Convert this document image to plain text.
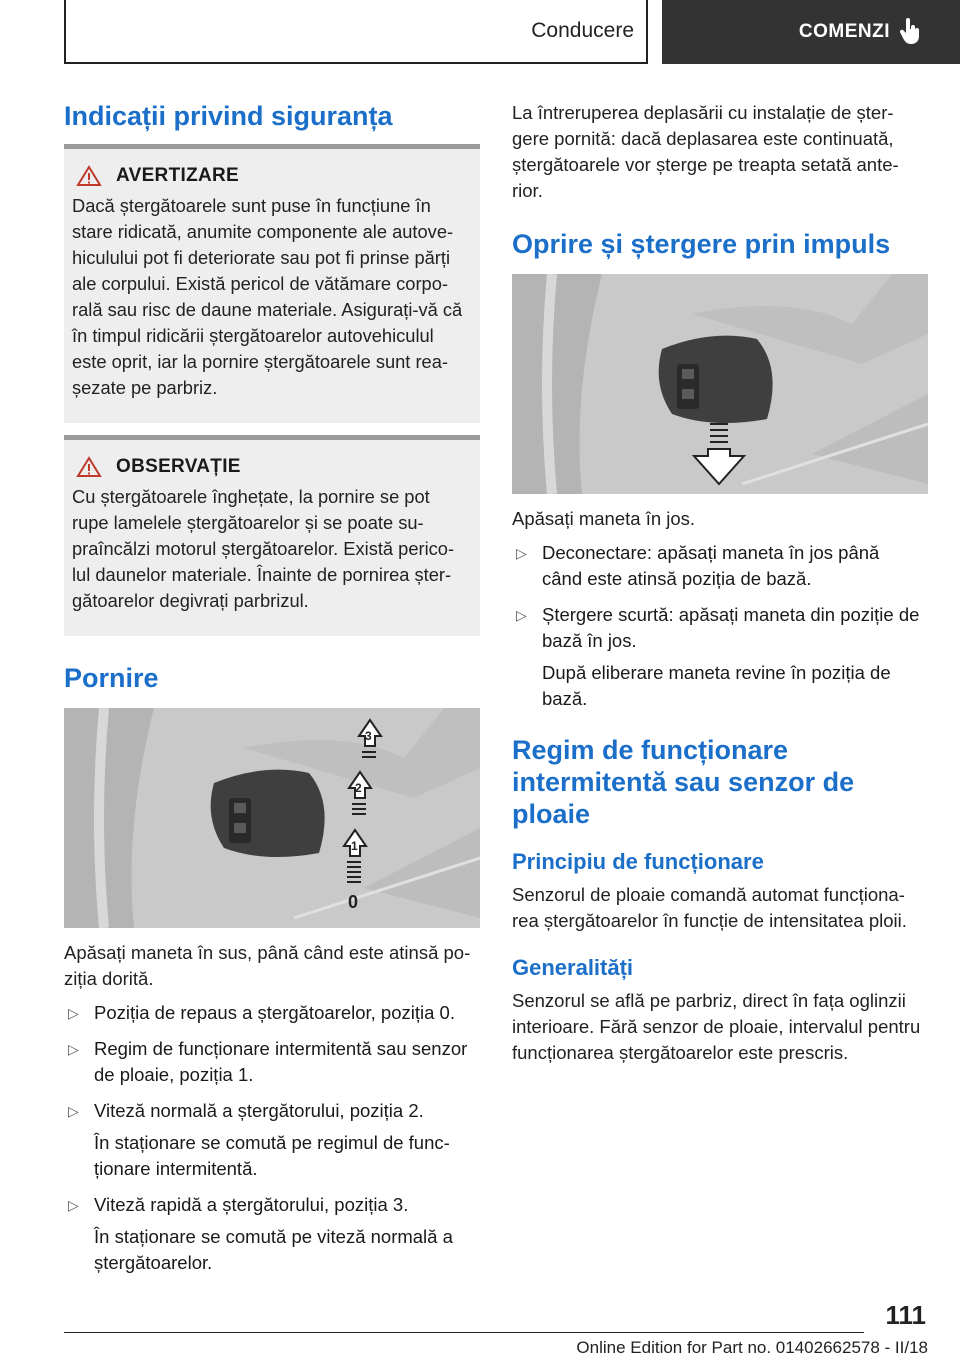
Conducere	COMENZI
Indicații privind siguranța
AVERTIZARE

Dacă ștergătoarele sunt puse în funcțiune în
stare ridicată, anumite componente ale autove-
hiculului pot fi deteriorate sau pot fi prinse părți
ale corpului. Există pericol de vătămare corpo-
rală sau risc de daune materiale. Asigurați-vă că
în timpul ridicării ștergătoarelor autovehiculul
este oprit, iar la pornire ștergătoarele sunt rea-
șezate pe parbriz.

OBSERVAȚIE

Cu ștergătoarele înghețate, la pornire se pot
rupe lamelele ștergătoarelor și se poate su-
praîncălzi motorul ștergătoarelor. Există perico-
lul daunelor materiale. Înainte de pornirea șter-
gătoarelor degivrați parbrizul.

Pornire
3
2
1
0

Apăsați maneta în sus, până când este atinsă po-
ziția dorită.

▷ Poziția de repaus a ștergătoarelor, poziția 0.
▷ Regim de funcționare intermitentă sau senzor
de ploaie, poziția 1.
▷ Viteză normală a ștergătorului, poziția 2.
În staționare se comută pe regimul de func-
ționare intermitentă.
▷ Viteză rapidă a ștergătorului, poziția 3.
În staționare se comută pe viteză normală a
ștergătoarelor.

La întreruperea deplasării cu instalație de șter-
gere pornită: dacă deplasarea este continuată,
ștergătoarele vor șterge pe treapta setată ante-
rior.

Oprire și ștergere prin impuls

Apăsați maneta în jos.

▷ Deconectare: apăsați maneta în jos până
când este atinsă poziția de bază.
▷ Ștergere scurtă: apăsați maneta din poziție de
bază în jos.
După eliberare maneta revine în poziția de
bază.
Regim de funcționare
intermitentă sau senzor de ploaie
Principiu de funcționare

Senzorul de ploaie comandă automat funcționa-
rea ștergătoarelor în funcție de intensitatea ploii.

Generalități

Senzorul se află pe parbriz, direct în fața oglinzii
interioare. Fără senzor de ploaie, intervalul pentru
funcționarea ștergătoarelor este prescris.

111
Online Edition for Part no. 01402662578 - II/18
